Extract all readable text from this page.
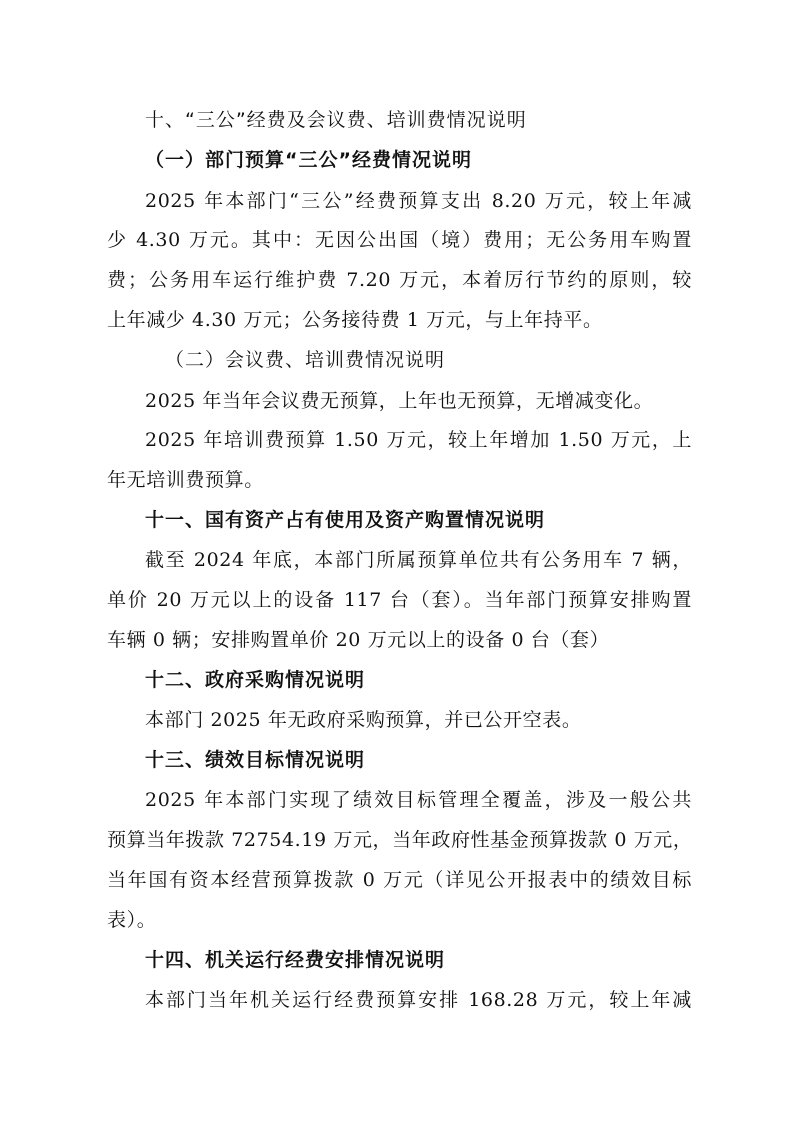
十、“三公”经费及会议费、培训费情况说明
（一）部门预算“三公”经费情况说明
2025 年本部门“三公”经费预算支出 8.20 万元，较上年减
少 4.30 万元。其中：无因公出国（境）费用；无公务用车购置
费；公务用车运行维护费 7.20 万元，本着厉行节约的原则，较
上年减少 4.30 万元；公务接待费 1 万元，与上年持平。
（二）会议费、培训费情况说明
2025 年当年会议费无预算，上年也无预算，无增减变化。
2025 年培训费预算 1.50 万元，较上年增加 1.50 万元，上
年无培训费预算。
十一、国有资产占有使用及资产购置情况说明
截至 2024 年底，本部门所属预算单位共有公务用车 7 辆，
单价 20 万元以上的设备 117 台（套）。当年部门预算安排购置
车辆 0 辆；安排购置单价 20 万元以上的设备 0 台（套）
十二、政府采购情况说明
本部门 2025 年无政府采购预算，并已公开空表。
十三、绩效目标情况说明
2025 年本部门实现了绩效目标管理全覆盖，涉及一般公共
预算当年拨款 72754.19 万元，当年政府性基金预算拨款 0 万元，
当年国有资本经营预算拨款 0 万元（详见公开报表中的绩效目标
表）。
十四、机关运行经费安排情况说明
本部门当年机关运行经费预算安排 168.28 万元，较上年减
